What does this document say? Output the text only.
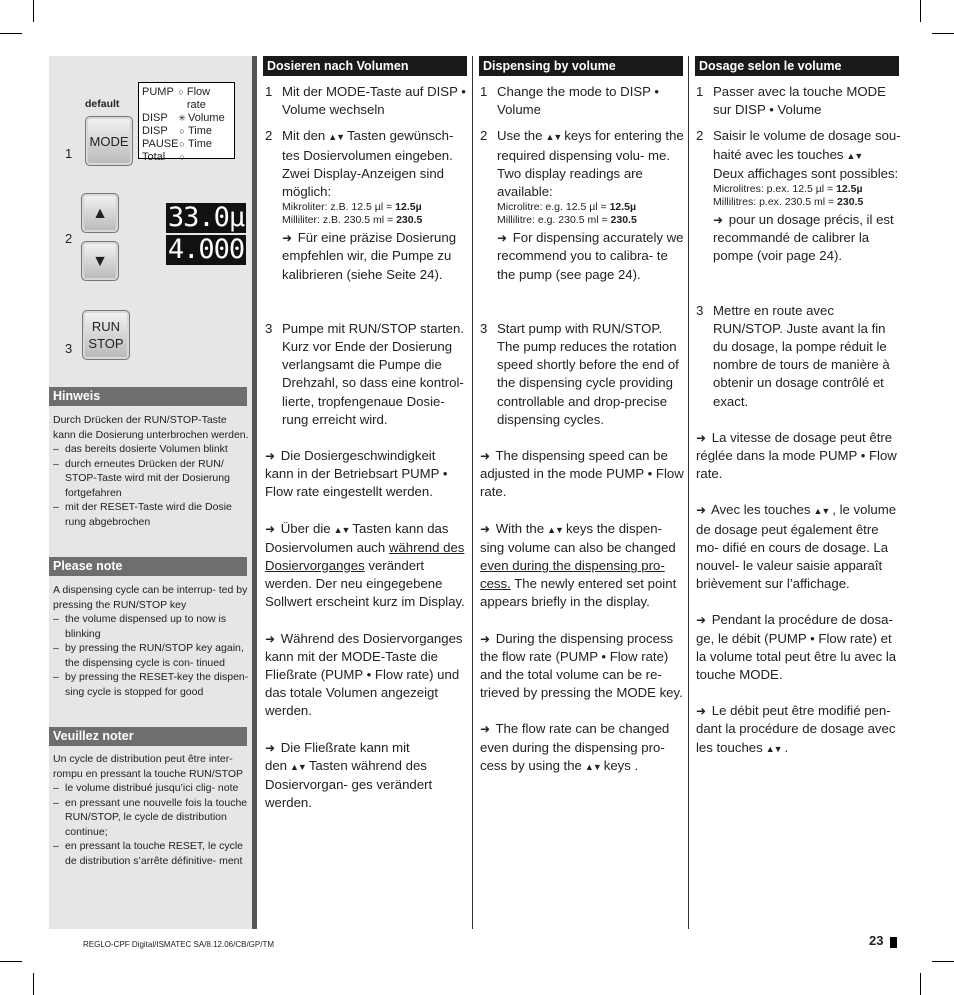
default
MODE
1
PUMP ○ Flow rate
DISP	✳ Volume
DISP	○ Time
PAUSE ○ Time
Total	○
▲
▼
2
33.0µ
4.000
RUN
STOP
3
Hinweis
Durch Drücken der RUN/STOP-Taste kann die Dosierung unterbrochen werden.
– das bereits dosierte Volumen blinkt
– durch erneutes Drücken der RUN/ STOP-Taste wird mit der Dosierung fortgefahren
– mit der RESET-Taste wird die Dosie rung abgebrochen
Please note
A dispensing cycle can be interrup- ted by pressing the RUN/STOP key
– the volume dispensed up to now is blinking
– by pressing the RUN/STOP key again, the dispensing cycle is con- tinued
– by pressing the RESET-key the dispen- sing cycle is stopped for good
Veuillez noter
Un cycle de distribution peut être inter- rompu en pressant la touche RUN/STOP
– le volume distribué jusqu’ici clig- note
– en pressant une nouvelle fois la touche RUN/STOP, le cycle de distribution continue;
– en pressant la touche RESET, le cycle de distribution s’arrête définitive- ment
Dosieren nach Volumen
1 Mit der MODE-Taste auf DISP • Volume wechseln
2 Mit den ▲▼ Tasten gewünsch- tes Dosiervolumen eingeben. Zwei Display-Anzeigen sind möglich:
Mikroliter: z.B. 12.5 µl = 12.5µ
Milliliter: z.B. 230.5 ml = 230.5
➜ Für eine präzise Dosierung empfehlen wir, die Pumpe zu kalibrieren (siehe Seite 24).
3 Pumpe mit RUN/STOP starten. Kurz vor Ende der Dosierung verlangsamt die Pumpe die Drehzahl, so dass eine kontrol- lierte, tropfengenaue Dosie- rung erreicht wird.
➜ Die Dosiergeschwindigkeit kann in der Betriebsart PUMP • Flow rate eingestellt werden.
➜ Über die ▲▼ Tasten kann das Dosiervolumen auch während des Dosiervorganges verändert werden. Der neu eingegebene Sollwert erscheint kurz im Display.
➜ Während des Dosiervorganges kann mit der MODE-Taste die Fließrate (PUMP • Flow rate) und das totale Volumen angezeigt werden.
➜ Die Fließrate kann mit den ▲▼ Tasten während des Dosiervorgan- ges verändert werden.
Dispensing by volume
1 Change the mode to DISP • Volume
2 Use the ▲▼ keys for entering the required dispensing volu- me. Two display readings are available:
Microlitre: e.g. 12.5 µl = 12.5µ
Millilitre: e.g. 230.5 ml = 230.5
➜ For dispensing accurately we recommend you to calibra- te the pump (see page 24).
3 Start pump with RUN/STOP. The pump reduces the rotation speed shortly before the end of the dispensing cycle providing controllable and drop-precise dispensing cycles.
➜ The dispensing speed can be adjusted in the mode PUMP • Flow rate.
➜ With the ▲▼ keys the dispen- sing volume can also be changed even during the dispensing pro- cess. The newly entered set point appears briefly in the display.
➜ During the dispensing process the flow rate (PUMP • Flow rate) and the total volume can be re- trieved by pressing the MODE key.
➜ The flow rate can be changed even during the dispensing pro- cess by using the ▲▼ keys .
Dosage selon le volume
1 Passer avec la touche MODE sur DISP • Volume
2 Saisir le volume de dosage sou- haité avec les touches ▲▼
Deux affichages sont possibles:
Microlitres: p.ex. 12.5 µl = 12.5µ
Millilitres: p.ex. 230.5 ml = 230.5
➜ pour un dosage précis, il est recommandé de calibrer la pompe (voir page 24).
3 Mettre en route avec RUN/STOP. Juste avant la fin du dosage, la pompe réduit le nombre de tours de manière à obtenir un dosage contrôlé et exact.
➜ La vitesse de dosage peut être réglée dans la mode PUMP • Flow rate.
➜ Avec les touches ▲▼ , le volume de dosage peut également être mo- difié en cours de dosage. La nouvel- le valeur saisie apparaît brièvement sur l’affichage.
➜ Pendant la procédure de dosa- ge, le débit (PUMP • Flow rate) et la volume total peut être lu avec la touche MODE.
➜ Le débit peut être modifié pen- dant la procédure de dosage avec les touches ▲▼ .
REGLO-CPF Digital/ISMATEC SA/8.12.06/CB/GP/TM	23
